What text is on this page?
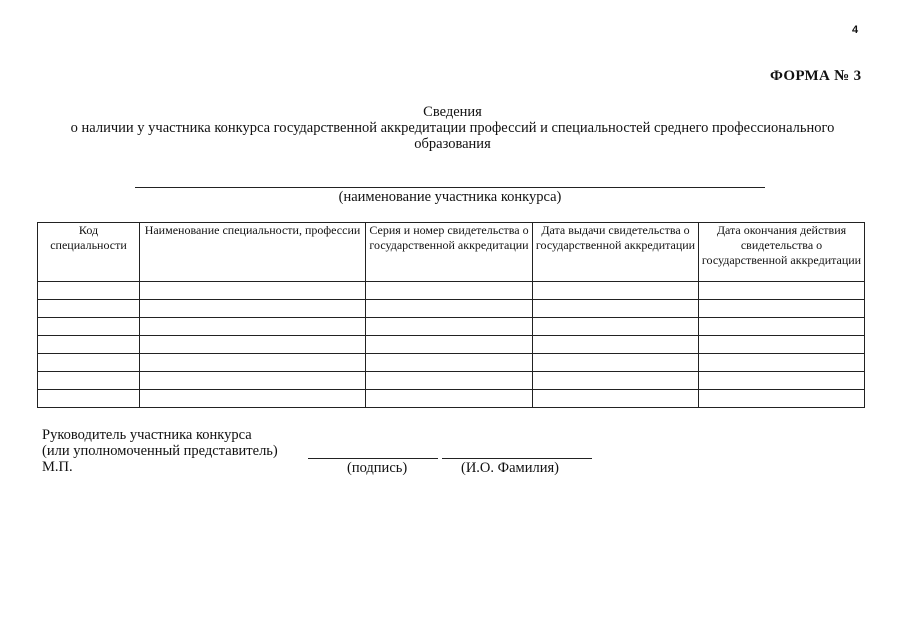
4
ФОРМА № 3
Сведения
о наличии у участника конкурса государственной аккредитации профессий и специальностей среднего профессионального
образования
(наименование участника конкурса)
Код специальности	Наименование специальности, профессии	Серия и номер свидетельства о государственной аккредитации	Дата выдачи свидетельства о государственной аккредитации	Дата окончания действия свидетельства о государственной аккредитации

Руководитель участника конкурса
(или уполномоченный представитель)
М.П.	(подпись)	(И.О. Фамилия)
